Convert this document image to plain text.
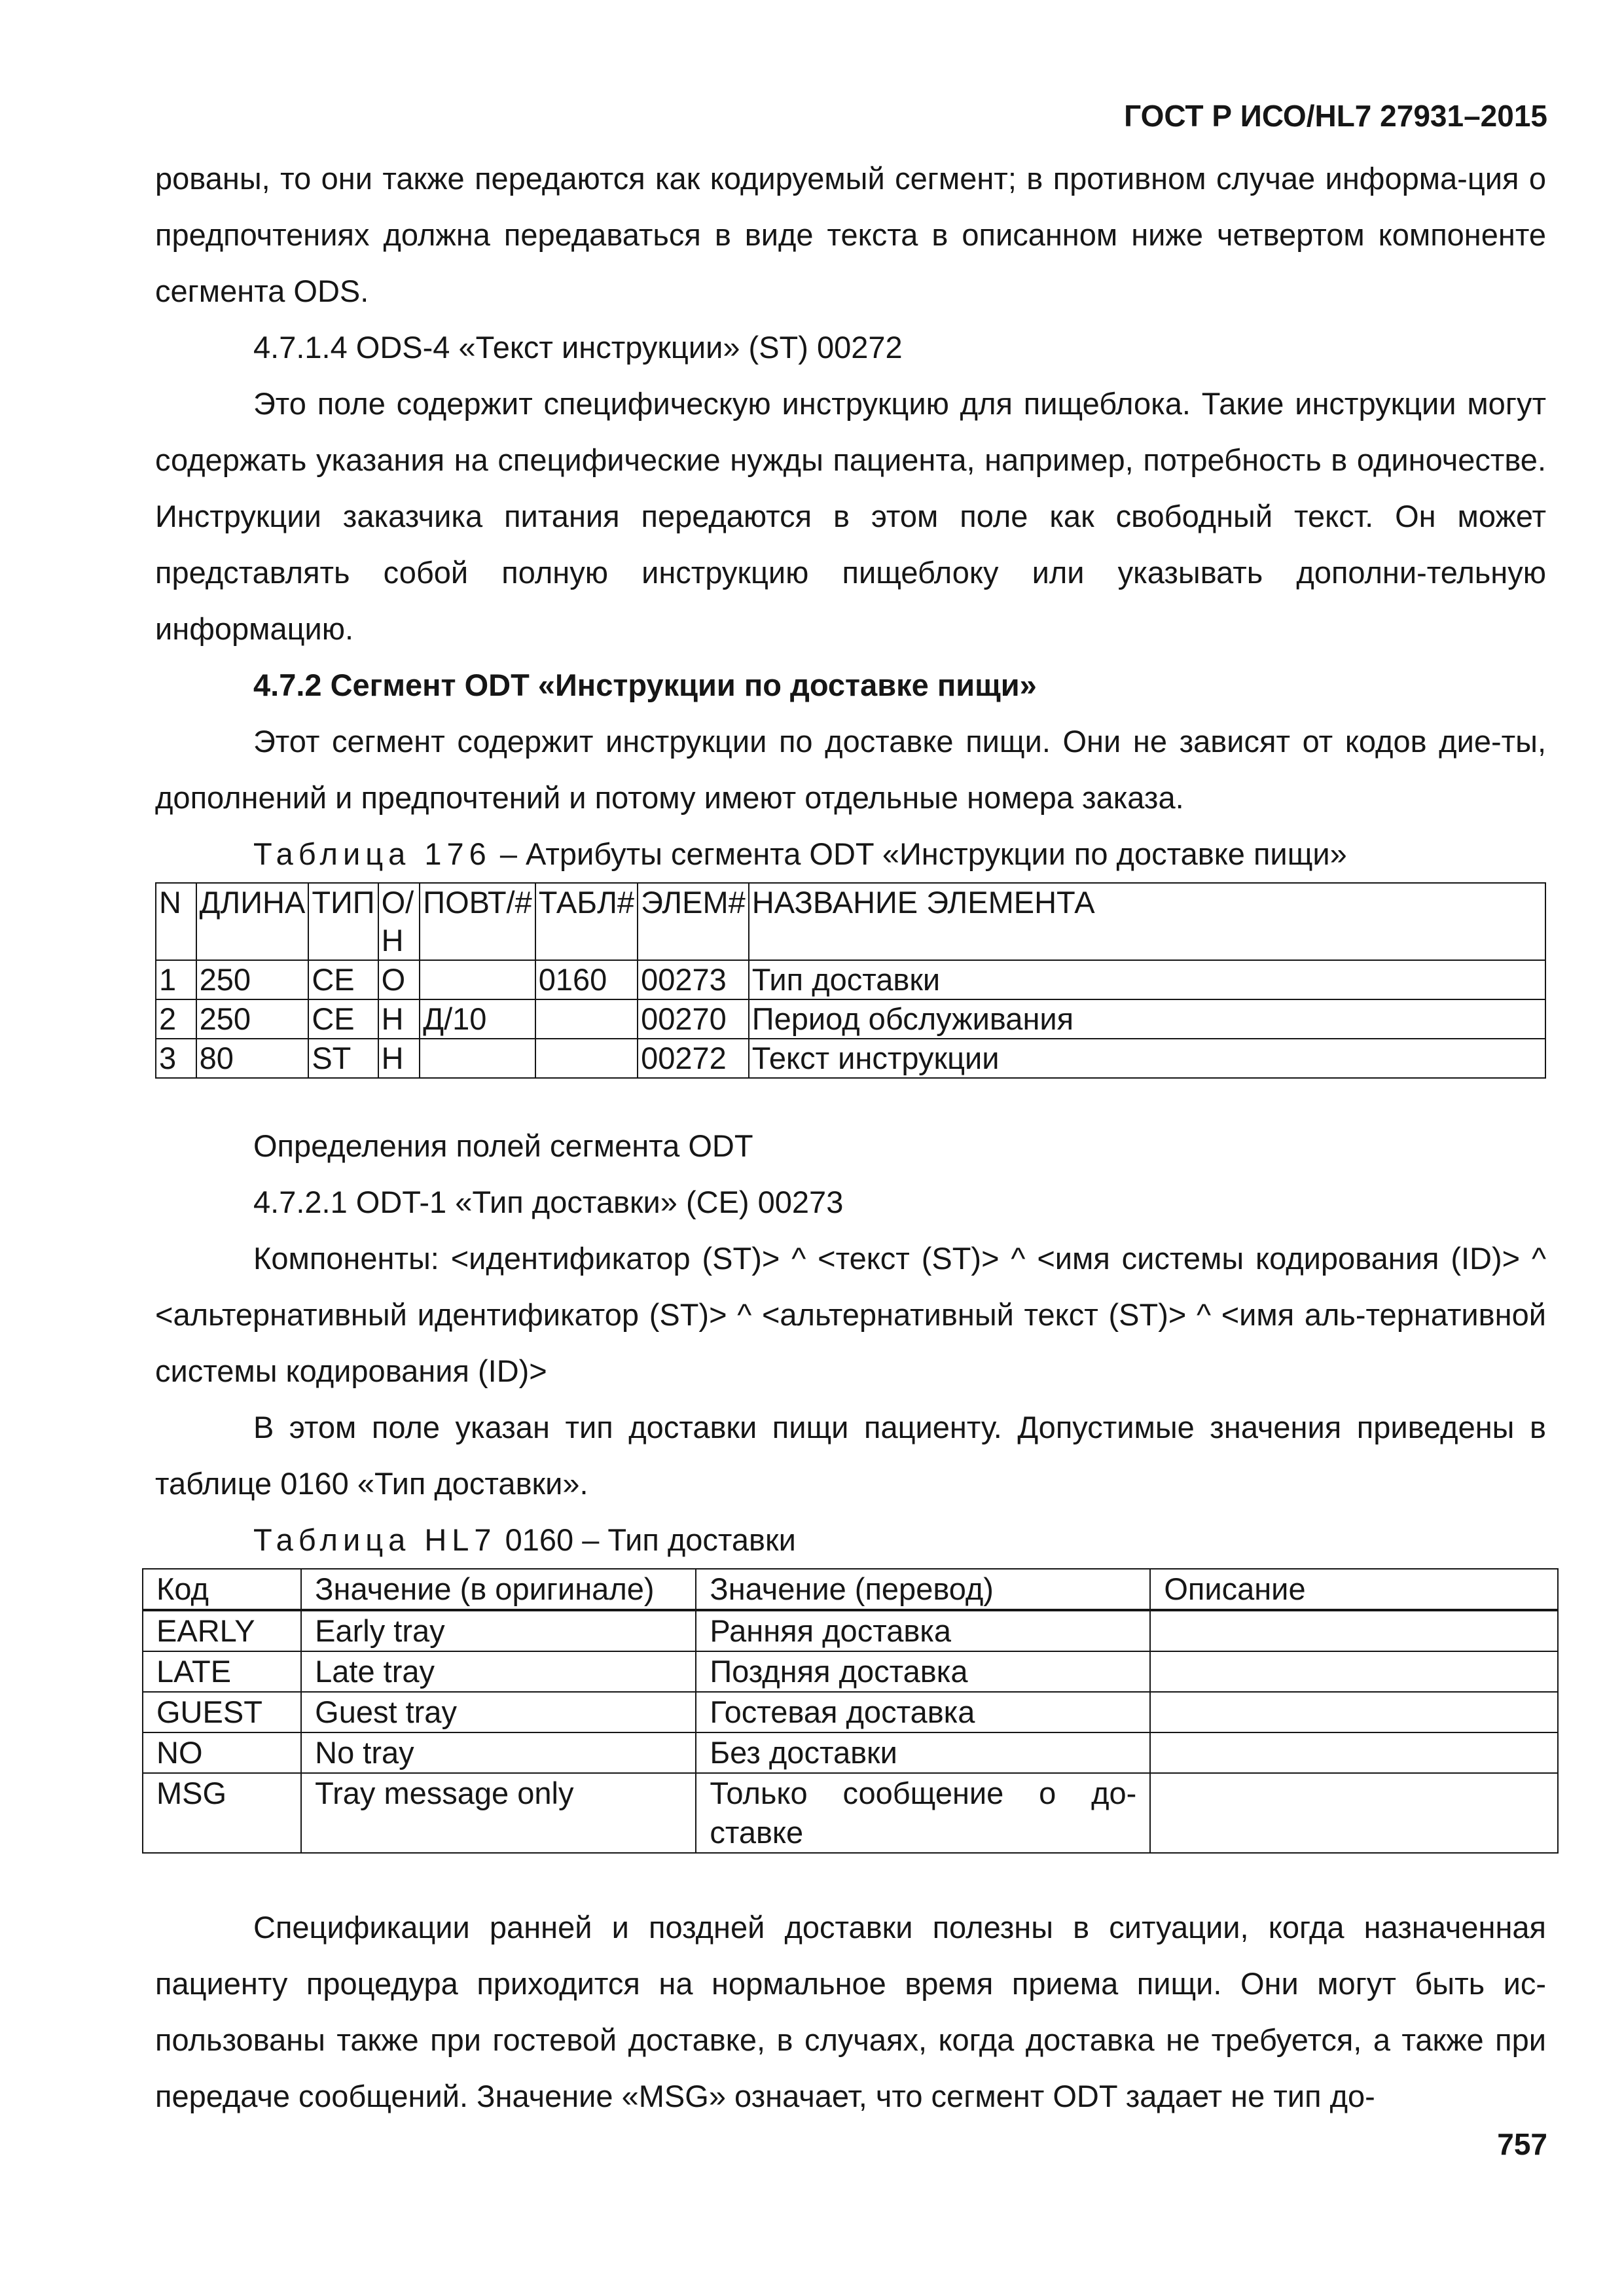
ГОСТ Р ИСО/HL7 27931–2015

рованы, то они также передаются как кодируемый сегмент; в противном случае информа-ция о предпочтениях должна передаваться в виде текста в описанном ниже четвертом компоненте сегмента ODS.

4.7.1.4 ODS-4 «Текст инструкции» (ST) 00272

Это поле содержит специфическую инструкцию для пищеблока. Такие инструкции могут содержать указания на специфические нужды пациента, например, потребность в одиночестве. Инструкции заказчика питания передаются в этом поле как свободный текст. Он может представлять собой полную инструкцию пищеблоку или указывать дополни-тельную информацию.

4.7.2 Сегмент ODT «Инструкции по доставке пищи»

Этот сегмент содержит инструкции по доставке пищи. Они не зависят от кодов дие-ты, дополнений и предпочтений и потому имеют отдельные номера заказа.

Таблица 176 – Атрибуты сегмента ODT «Инструкции по доставке пищи»
N	ДЛИНА	ТИП	О/Н	ПОВТ/#	ТАБЛ#	ЭЛЕМ#	НАЗВАНИЕ ЭЛЕМЕНТА
1	250	CE	О		0160	00273	Тип доставки
2	250	CE	Н	Д/10		00270	Период обслуживания
3	80	ST	Н			00272	Текст инструкции

Определения полей сегмента ODT

4.7.2.1 ODT-1 «Тип доставки» (CE) 00273

Компоненты: <идентификатор (ST)> ^ <текст (ST)> ^ <имя системы кодирования (ID)> ^ <альтернативный идентификатор (ST)> ^ <альтернативный текст (ST)> ^ <имя аль-тернативной системы кодирования (ID)>

В этом поле указан тип доставки пищи пациенту. Допустимые значения приведены в таблице 0160 «Тип доставки».

Таблица HL7 0160 – Тип доставки
Код	Значение (в оригинале)	Значение (перевод)	Описание
EARLY	Early tray	Ранняя доставка	
LATE	Late tray	Поздняя доставка	
GUEST	Guest tray	Гостевая доставка	
NO	No tray	Без доставки	
MSG	Tray message only	Только сообщение о до-ставке	

Спецификации ранней и поздней доставки полезны в ситуации, когда назначенная пациенту процедура приходится на нормальное время приема пищи. Они могут быть ис-пользованы также при гостевой доставке, в случаях, когда доставка не требуется, а также при передаче сообщений. Значение «MSG» означает, что сегмент ODT задает не тип до-

757
